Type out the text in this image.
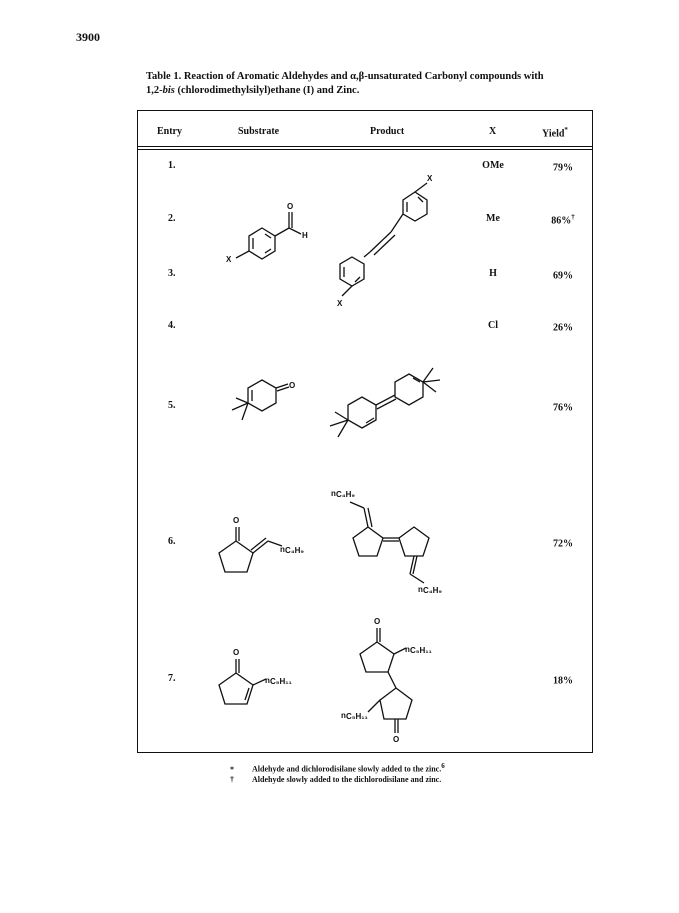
3900
Table 1. Reaction of Aromatic Aldehydes and α,β-unsaturated Carbonyl compounds with
1,2-bis (chlorodimethylsilyl)ethane (I) and Zinc.
Entry	Substrate	Product	X	Yield*
1.	OMe	79%
2.	Me	86%†
3.	H	69%
4.	Cl	26%
5.	76%
6.	72%
7.	18%
O
H
X
X
X
O
O
n C₄H₉
n C₄H₉
n C₄H₉
O
n C₅H₁₁
O
n C₅H₁₁
O
n C₅H₁₁
* Aldehyde and dichlorodisilane slowly added to the zinc.$^6$
† Aldehyde slowly added to the dichlorodisilane and zinc.
